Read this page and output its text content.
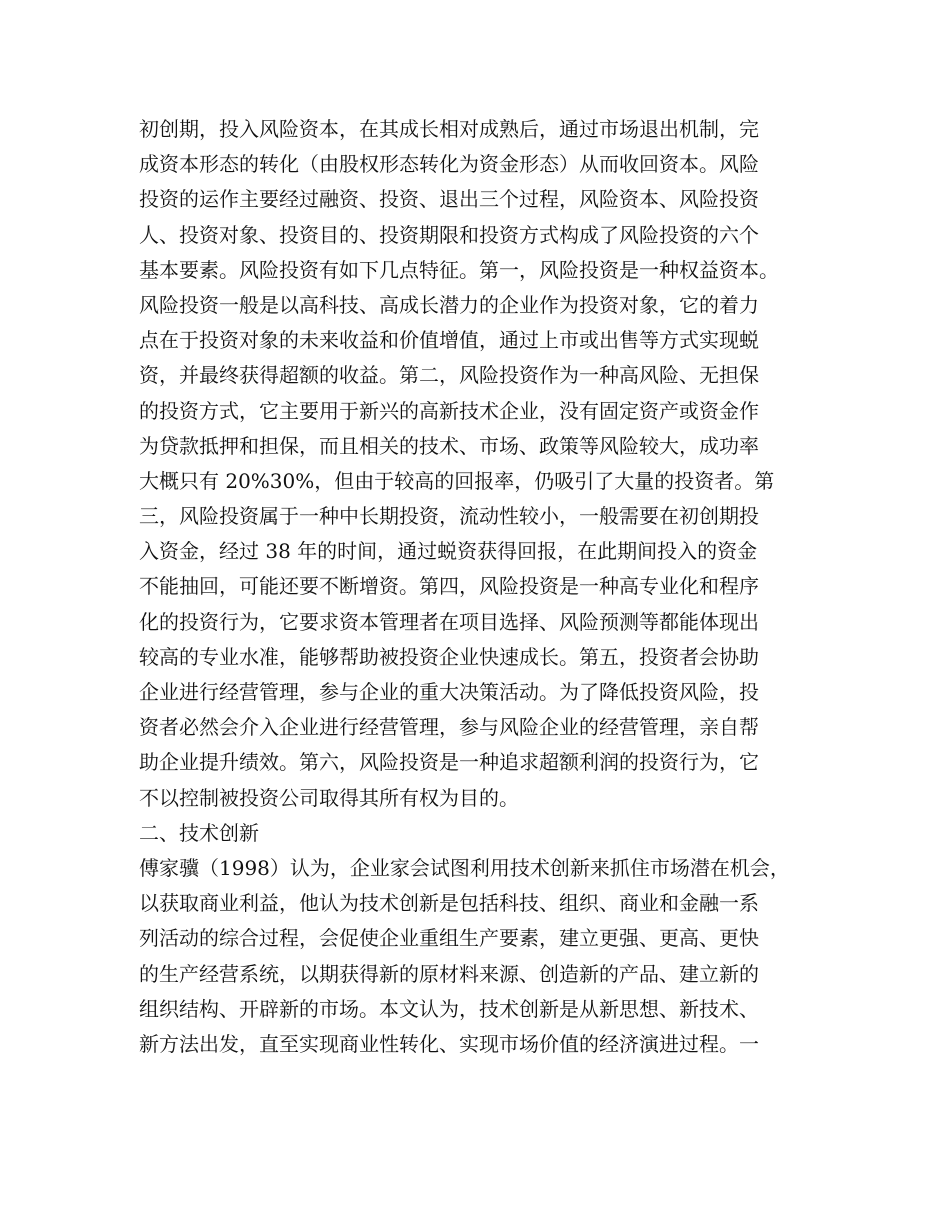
初创期，投入风险资本，在其成长相对成熟后，通过市场退出机制，完
成资本形态的转化（由股权形态转化为资金形态）从而收回资本。风险
投资的运作主要经过融资、投资、退出三个过程，风险资本、风险投资
人、投资对象、投资目的、投资期限和投资方式构成了风险投资的六个
基本要素。风险投资有如下几点特征。第一，风险投资是一种权益资本。
风险投资一般是以高科技、高成长潜力的企业作为投资对象，它的着力
点在于投资对象的未来收益和价值增值，通过上市或出售等方式实现蜕
资，并最终获得超额的收益。第二，风险投资作为一种高风险、无担保
的投资方式，它主要用于新兴的高新技术企业，没有固定资产或资金作
为贷款抵押和担保，而且相关的技术、市场、政策等风险较大，成功率
大概只有 20%30%，但由于较高的回报率，仍吸引了大量的投资者。第
三，风险投资属于一种中长期投资，流动性较小，一般需要在初创期投
入资金，经过 38 年的时间，通过蜕资获得回报，在此期间投入的资金
不能抽回，可能还要不断增资。第四，风险投资是一种高专业化和程序
化的投资行为，它要求资本管理者在项目选择、风险预测等都能体现出
较高的专业水准，能够帮助被投资企业快速成长。第五，投资者会协助
企业进行经营管理，参与企业的重大决策活动。为了降低投资风险，投
资者必然会介入企业进行经营管理，参与风险企业的经营管理，亲自帮
助企业提升绩效。第六，风险投资是一种追求超额利润的投资行为，它
不以控制被投资公司取得其所有权为目的。
二、技术创新
傅家骥（1998）认为，企业家会试图利用技术创新来抓住市场潜在机会，
以获取商业利益，他认为技术创新是包括科技、组织、商业和金融一系
列活动的综合过程，会促使企业重组生产要素，建立更强、更高、更快
的生产经营系统，以期获得新的原材料来源、创造新的产品、建立新的
组织结构、开辟新的市场。本文认为，技术创新是从新思想、新技术、
新方法出发，直至实现商业性转化、实现市场价值的经济演进过程。一
